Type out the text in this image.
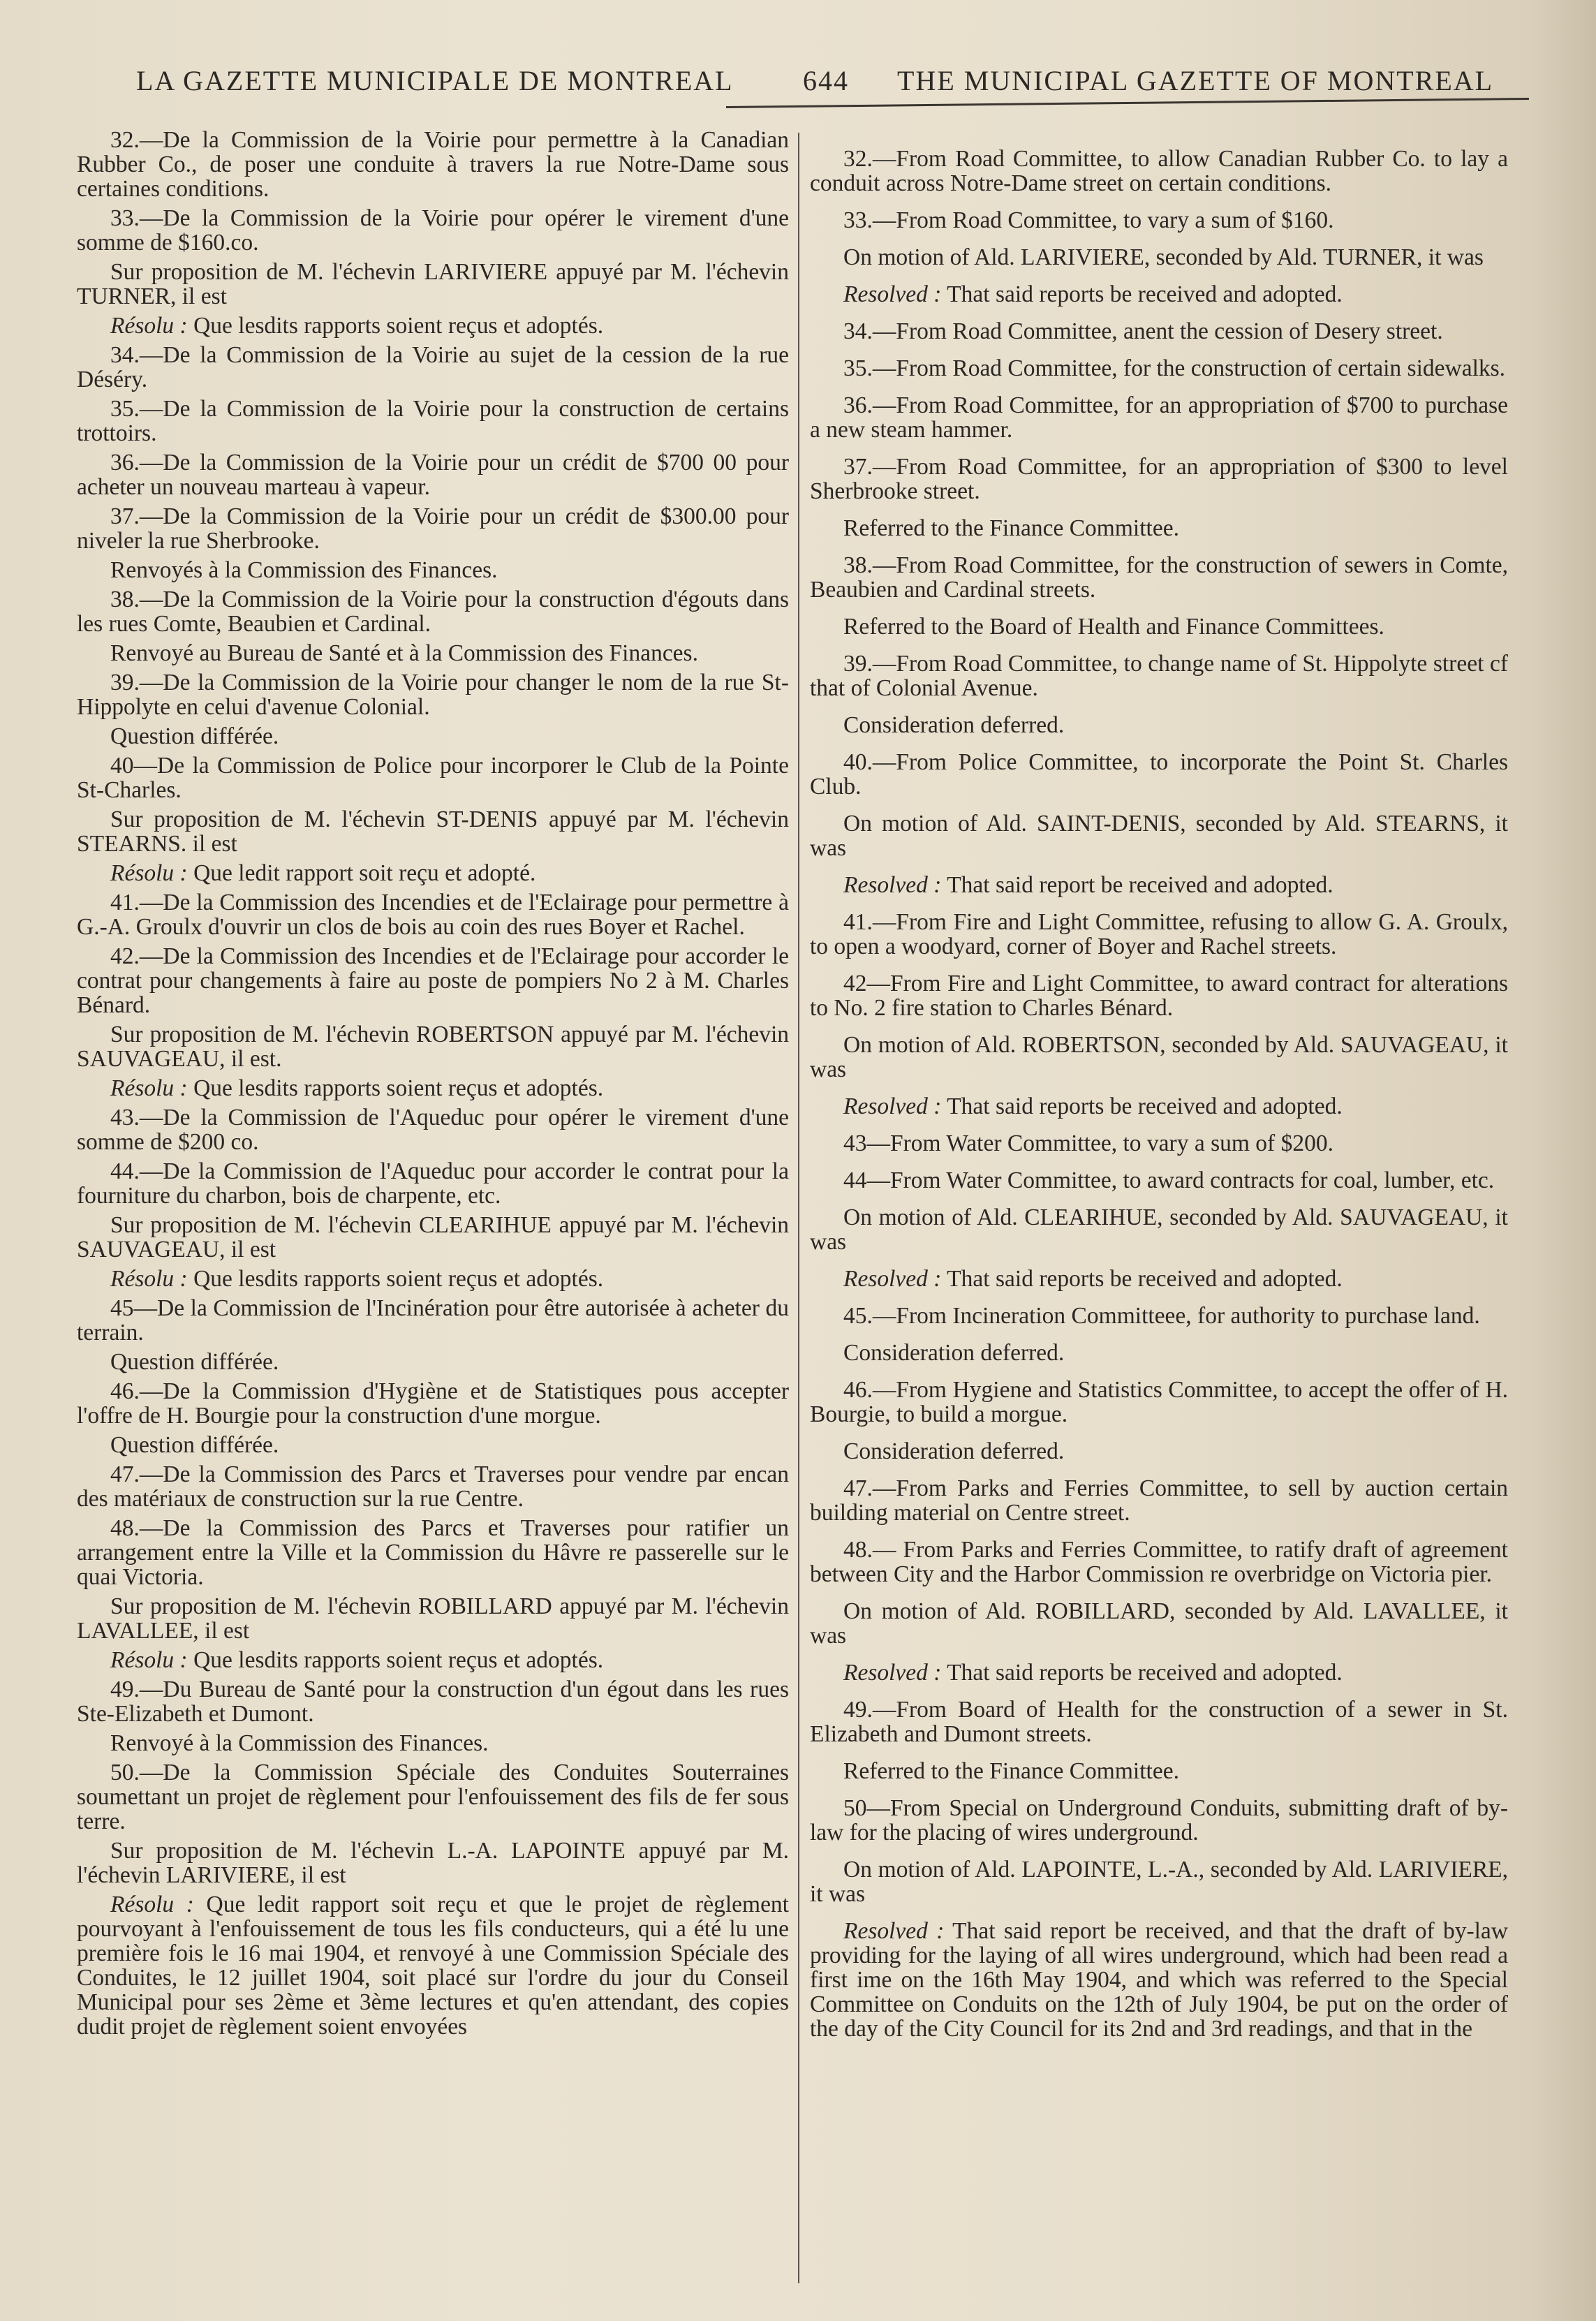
LA GAZETTE MUNICIPALE DE MONTREAL 644 THE MUNICIPAL GAZETTE OF MONTREAL

32.—De la Commission de la Voirie pour permettre à la Canadian Rubber Co., de poser une conduite à travers la rue Notre-Dame sous certaines conditions.

33.—De la Commission de la Voirie pour opérer le virement d'une somme de $160.co.

Sur proposition de M. l'échevin LARIVIERE appuyé par M. l'échevin TURNER, il est

Résolu : Que lesdits rapports soient reçus et adoptés.

34.—De la Commission de la Voirie au sujet de la cession de la rue Déséry.

35.—De la Commission de la Voirie pour la construction de certains trottoirs.

36.—De la Commission de la Voirie pour un crédit de $700 00 pour acheter un nouveau marteau à vapeur.

37.—De la Commission de la Voirie pour un crédit de $300.00 pour niveler la rue Sherbrooke.

Renvoyés à la Commission des Finances.

38.—De la Commission de la Voirie pour la construction d'égouts dans les rues Comte, Beaubien et Cardinal.

Renvoyé au Bureau de Santé et à la Commission des Finances.

39.—De la Commission de la Voirie pour changer le nom de la rue St-Hippolyte en celui d'avenue Colonial.

Question différée.

40—De la Commission de Police pour incorporer le Club de la Pointe St-Charles.

Sur proposition de M. l'échevin ST-DENIS appuyé par M. l'échevin STEARNS. il est

Résolu : Que ledit rapport soit reçu et adopté.

41.—De la Commission des Incendies et de l'Eclairage pour permettre à G.-A. Groulx d'ouvrir un clos de bois au coin des rues Boyer et Rachel.

42.—De la Commission des Incendies et de l'Eclairage pour accorder le contrat pour changements à faire au poste de pompiers No 2 à M. Charles Bénard.

Sur proposition de M. l'échevin ROBERTSON appuyé par M. l'échevin SAUVAGEAU, il est.

Résolu : Que lesdits rapports soient reçus et adoptés.

43.—De la Commission de l'Aqueduc pour opérer le virement d'une somme de $200 co.

44.—De la Commission de l'Aqueduc pour accorder le contrat pour la fourniture du charbon, bois de charpente, etc.

Sur proposition de M. l'échevin CLEARIHUE appuyé par M. l'échevin SAUVAGEAU, il est

Résolu : Que lesdits rapports soient reçus et adoptés.

45—De la Commission de l'Incinération pour être autorisée à acheter du terrain.

Question différée.

46.—De la Commission d'Hygiène et de Statistiques pous accepter l'offre de H. Bourgie pour la construction d'une morgue.

Question différée.

47.—De la Commission des Parcs et Traverses pour vendre par encan des matériaux de construction sur la rue Centre.

48.—De la Commission des Parcs et Traverses pour ratifier un arrangement entre la Ville et la Commission du Hâvre re passerelle sur le quai Victoria.

Sur proposition de M. l'échevin ROBILLARD appuyé par M. l'échevin LAVALLEE, il est

Résolu : Que lesdits rapports soient reçus et adoptés.

49.—Du Bureau de Santé pour la construction d'un égout dans les rues Ste-Elizabeth et Dumont.

Renvoyé à la Commission des Finances.

50.—De la Commission Spéciale des Conduites Souterraines soumettant un projet de règlement pour l'enfouissement des fils de fer sous terre.

Sur proposition de M. l'échevin L.-A. LAPOINTE appuyé par M. l'échevin LARIVIERE, il est

Résolu : Que ledit rapport soit reçu et que le projet de règlement pourvoyant à l'enfouissement de tous les fils conducteurs, qui a été lu une première fois le 16 mai 1904, et renvoyé à une Commission Spéciale des Conduites, le 12 juillet 1904, soit placé sur l'ordre du jour du Conseil Municipal pour ses 2ème et 3ème lectures et qu'en attendant, des copies dudit projet de règlement soient envoyées

32.—From Road Committee, to allow Canadian Rubber Co. to lay a conduit across Notre-Dame street on certain conditions.

33.—From Road Committee, to vary a sum of $160.

On motion of Ald. LARIVIERE, seconded by Ald. TURNER, it was

Resolved : That said reports be received and adopted.

34.—From Road Committee, anent the cession of Desery street.

35.—From Road Committee, for the construction of certain sidewalks.

36.—From Road Committee, for an appropriation of $700 to purchase a new steam hammer.

37.—From Road Committee, for an appropriation of $300 to level Sherbrooke street.

Referred to the Finance Committee.

38.—From Road Committee, for the construction of sewers in Comte, Beaubien and Cardinal streets.

Referred to the Board of Health and Finance Committees.

39.—From Road Committee, to change name of St. Hippolyte street cf that of Colonial Avenue.

Consideration deferred.

40.—From Police Committee, to incorporate the Point St. Charles Club.

On motion of Ald. SAINT-DENIS, seconded by Ald. STEARNS, it was

Resolved : That said report be received and adopted.

41.—From Fire and Light Committee, refusing to allow G. A. Groulx, to open a woodyard, corner of Boyer and Rachel streets.

42—From Fire and Light Committee, to award contract for alterations to No. 2 fire station to Charles Bénard.

On motion of Ald. ROBERTSON, seconded by Ald. SAUVAGEAU, it was

Resolved : That said reports be received and adopted.

43—From Water Committee, to vary a sum of $200.

44—From Water Committee, to award contracts for coal, lumber, etc.

On motion of Ald. CLEARIHUE, seconded by Ald. SAUVAGEAU, it was

Resolved : That said reports be received and adopted.

45.—From Incineration Committeee, for authority to purchase land.

Consideration deferred.

46.—From Hygiene and Statistics Committee, to accept the offer of H. Bourgie, to build a morgue.

Consideration deferred.

47.—From Parks and Ferries Committee, to sell by auction certain building material on Centre street.

48.— From Parks and Ferries Committee, to ratify draft of agreement between City and the Harbor Commission re overbridge on Victoria pier.

On motion of Ald. ROBILLARD, seconded by Ald. LAVALLEE, it was

Resolved : That said reports be received and adopted.

49.—From Board of Health for the construction of a sewer in St. Elizabeth and Dumont streets.

Referred to the Finance Committee.

50—From Special on Underground Conduits, submitting draft of by-law for the placing of wires underground.

On motion of Ald. LAPOINTE, L.-A., seconded by Ald. LARIVIERE, it was

Resolved : That said report be received, and that the draft of by-law providing for the laying of all wires underground, which had been read a first ime on the 16th May 1904, and which was referred to the Special Committee on Conduits on the 12th of July 1904, be put on the order of the day of the City Council for its 2nd and 3rd readings, and that in the
